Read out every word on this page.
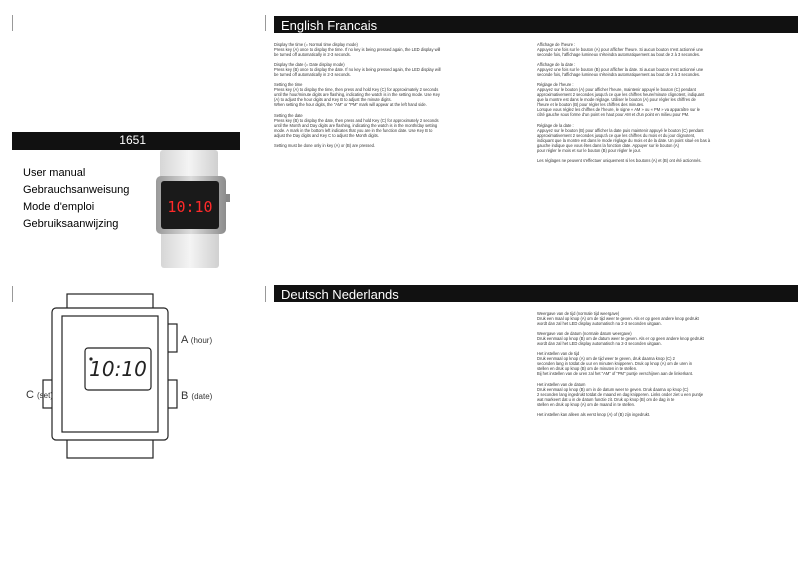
English Francais
Deutsch Nederlands
1651
User manual
Gebrauchsanweisung
Mode d'emploi
Gebruiksaanwijzing
10:10
10:10
A (hour)
B (date)
C (set)

Display the time (= Normal time display mode)
Press key (A) once to display the time. If no key is being pressed again, the LED display will
be turned off automatically in 2-3 seconds.

Display the date (= Date display mode)
Press key (B) once to display the date. If no key is being pressed again, the LED display will
be turned off automatically in 2-3 seconds.

Setting the time
Press key (A) to display the time, then press and hold Key (C) for approximately 2 seconds
until the hour/minute digits are flashing, indicating the watch is in the setting mode. Use Key
(A) to adjust the hour digits and Key B to adjust the minute digits.
When setting the hour digits, the "AM" or "PM" mark will appear at the left hand side.

Setting the date
Press key (B) to display the date, then press and hold Key (C) for approximately 2 seconds
until the Month and Day digits are flashing, indicating the watch is in the month/day setting
mode. A mark in the bottom left indicates that you are in the function date. Use Key B to
adjust the Day digits and Key C to adjust the Month digits.

Setting must be done only in key (A) or (B) are pressed.

Affichage de l'heure :
Appuyez une fois sur le bouton (A) pour afficher l'heure. Si aucun bouton n'est actionné une
seconde fois, l'affichage lumineux s'éteindra automatiquement au bout de 2 à 3 secondes.

Affichage de la date :
Appuyez une fois sur le bouton (B) pour afficher la date. Si aucun bouton n'est actionné une
seconde fois, l'affichage lumineux s'éteindra automatiquement au bout de 2 à 3 secondes.

Réglage de l'heure :
Appuyez sur le bouton (A) pour afficher l'heure, maintenir appuyé le bouton (C) pendant
approximativement 2 secondes jusqu'à ce que les chiffres heure/minute clignotent, indiquant
que la montre est dans le mode réglage. Utiliser le bouton (A) pour régler les chiffres de
l'heure et le bouton (B) pour régler les chiffres des minutes.
Lorsque vous réglez les chiffres de l'heure, le signe « AM » ou « PM » va apparaître sur le
côté gauche sous forme d'un point en haut pour AM et d'un point en milieu pour PM.

Réglage de la date :
Appuyez sur le bouton (B) pour afficher la date puis maintenir appuyé le bouton (C) pendant
approximativement 2 secondes jusqu'à ce que les chiffres du mois et du jour clignotent,
indiquant que la montre est dans le mode réglage du mois et de la date. Un point situé en bas à
gauche indique que vous êtes dans la fonction date. Appuyer sur le bouton (A)
pour régler le mois et sur le bouton (B) pour régler le jour.

Les réglages ne peuvent s'effectuer uniquement si les boutons (A) et (B) ont été actionnés.

Weergave van de tijd (normale tijd weergave)
Druk een maal op knop (A) om de tijd weer te geven. Als er op geen andere knop gedrukt
wordt dan zal het LED display automatisch na 2-3 seconden uitgaan.

Weergave van de datum (normale datum weergave)
Druk eenmaal op knop (B) om de datum weer te geven. Als er op geen andere knop gedrukt
wordt dan zal het LED display automatisch na 2-3 seconden uitgaan.

Het instellen van de tijd
Druk eenmaal op knop (A) om de tijd weer te geven, druk daarna knop (C) 2
seconden lang in totdat de uur en minuten knipperen. Druk op knop (A) om de uren in
stellen en druk op knop (B) om de minuten in te stellen.
Bij het instellen van de uren zal het "AM" of "PM" puntje verschijnen aan de linkerkant.

Het instellen van de datum
Druk eenmaal op knop (B) om in de datum weer te geven. Druk daarna op knop (C)
2 seconden lang ingedrukt totdat de maand en dag knipperen. Links onder ziet u een puntje
wat markeert dat u in de datum functie zit. Druk op knop (B) om de dag in te
stellen en druk op knop (A) om de maand in te stellen.

Het instellen kan alleen als eerst knop (A) of (B) zijn ingedrukt.
